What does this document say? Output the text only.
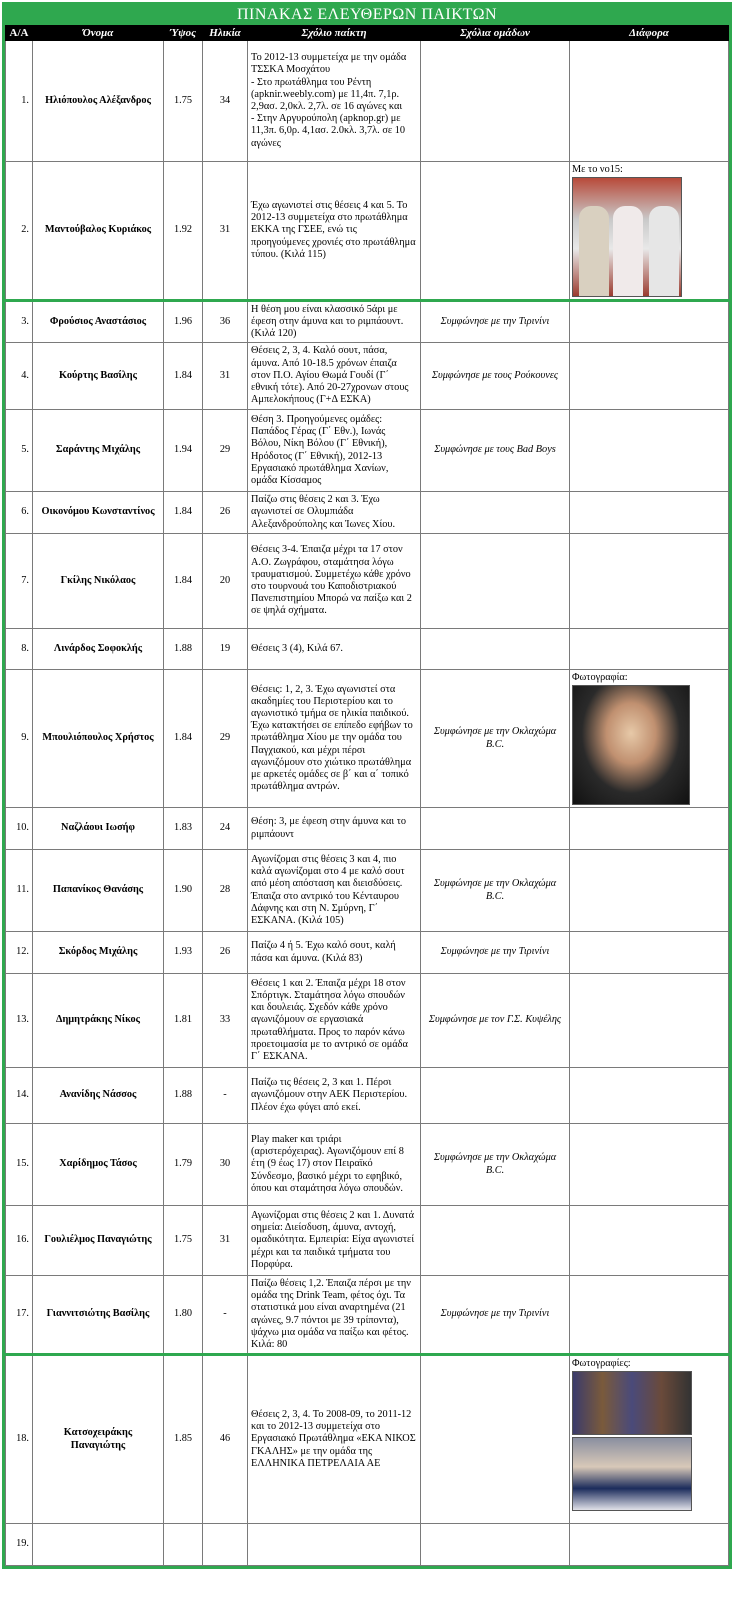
ΠΙΝΑΚΑΣ ΕΛΕΥΘΕΡΩΝ ΠΑΙΚΤΩΝ
Α/Α	Όνομα	Ύψος	Ηλικία	Σχόλιο παίκτη	Σχόλια ομάδων	Διάφορα
1.	Ηλιόπουλος Αλέξανδρος	1.75	34	Το 2012-13 συμμετείχα με την ομάδα ΤΣΣΚΑ Μοσχάτου
- Στο πρωτάθλημα του Ρέντη (apknir.weebly.com) με 11,4π. 7,1ρ. 2,9ασ. 2,0κλ. 2,7λ. σε 16 αγώνες και
- Στην Αργυρούπολη (apknop.gr) με 11,3π. 6,0ρ. 4,1ασ. 2.0κλ. 3,7λ. σε 10 αγώνες		
2.	Μαντούβαλος Κυριάκος	1.92	31	Έχω αγωνιστεί στις θέσεις 4 και 5. Το 2012-13 συμμετείχα στο πρωτάθλημα ΕΚΚΑ της ΓΣΕΕ, ενώ τις προηγούμενες χρονιές στο πρωτάθλημα τύπου. (Κιλά 115)		Με το νο15:

3.	Φρούσιος Αναστάσιος	1.96	36	Η θέση μου είναι κλασσικό 5άρι με έφεση στην άμυνα και το ριμπάουντ. (Κιλά 120)	Συμφώνησε με την Τιρινίνι	
4.	Κούρτης Βασίλης	1.84	31	Θέσεις 2, 3, 4. Καλό σουτ, πάσα, άμυνα. Από 10-18.5 χρόνων έπαιζα στον Π.Ο. Αγίου Θωμά Γουδί (Γ΄ εθνική τότε). Από 20-27χρονων στους Αμπελοκήπους (Γ+Δ ΕΣΚΑ)	Συμφώνησε με τους Ρούκουνες	
5.	Σαράντης Μιχάλης	1.94	29	Θέση 3. Προηγούμενες ομάδες: Παπάδος Γέρας (Γ΄ Εθν.), Ιωνάς Βόλου, Νίκη Βόλου (Γ΄ Εθνική), Ηρόδοτος (Γ΄ Εθνική), 2012-13 Εργασιακό πρωτάθλημα Χανίων, ομάδα Κίσσαμος	Συμφώνησε με τους Bad Boys	
6.	Οικονόμου Κωνσταντίνος	1.84	26	Παίζω στις θέσεις 2 και 3. Έχω αγωνιστεί σε Ολυμπιάδα Αλεξανδρούπολης και Ίωνες Χίου.		
7.	Γκίλης Νικόλαος	1.84	20	Θέσεις 3-4. Έπαιζα μέχρι τα 17 στον Α.Ο. Ζωγράφου, σταμάτησα λόγω τραυματισμού. Συμμετέχω κάθε χρόνο στο τουρνουά του Καποδιστριακού Πανεπιστημίου Μπορώ να παίξω και 2 σε ψηλά σχήματα.		
8.	Λινάρδος Σοφοκλής	1.88	19	Θέσεις 3 (4), Κιλά 67.		
9.	Μπουλιόπουλος Χρήστος	1.84	29	Θέσεις: 1, 2, 3. Έχω αγωνιστεί στα ακαδημίες του Περιστερίου και το αγωνιστικό τμήμα σε ηλικία παιδικού. Έχω κατακτήσει σε επίπεδο εφήβων το πρωτάθλημα Χίου με την ομάδα του Παγχιακού, και μέχρι πέρσι αγωνιζόμουν στο χιώτικο πρωτάθλημα με αρκετές ομάδες σε β΄ και α΄ τοπικό πρωτάθλημα αντρών.	Συμφώνησε με την Οκλαχώμα B.C.	Φωτογραφία:

10.	Ναζλάουι Ιωσήφ	1.83	24	Θέση: 3, με έφεση στην άμυνα και το ριμπάουντ		
11.	Παπανίκος Θανάσης	1.90	28	Αγωνίζομαι στις θέσεις 3 και 4, πιο καλά αγωνίζομαι στο 4 με καλό σουτ από μέση απόσταση και διεισδύσεις. Έπαιζα στο αντρικό του Κένταυρου Δάφνης και στη Ν. Σμύρνη, Γ΄ ΕΣΚΑΝΑ. (Κιλά 105)	Συμφώνησε με την Οκλαχώμα B.C.	
12.	Σκόρδος Μιχάλης	1.93	26	Παίζω 4 ή 5. Έχω καλό σουτ, καλή πάσα και άμυνα. (Κιλά 83)	Συμφώνησε με την Τιρινίνι	
13.	Δημητράκης Νίκος	1.81	33	Θέσεις 1 και 2. Έπαιζα μέχρι 18 στον Σπόρτιγκ. Σταμάτησα λόγω σπουδών και δουλειάς. Σχεδόν κάθε χρόνο αγωνιζόμουν σε εργασιακά πρωταθλήματα. Προς το παρόν κάνω προετοιμασία με το αντρικό σε ομάδα Γ΄ ΕΣΚΑΝΑ.	Συμφώνησε με τον Γ.Σ. Κυψέλης	
14.	Ανανίδης Νάσσος	1.88	-	Παίζω τις θέσεις 2, 3 και 1. Πέρσι αγωνιζόμουν στην ΑΕΚ Περιστερίου. Πλέον έχω φύγει από εκεί.		
15.	Χαρίδημος Τάσος	1.79	30	Play maker και τριάρι (αριστερόχειρας). Αγωνιζόμουν επί 8 έτη (9 έως 17) στον Πειραϊκό Σύνδεσμο, βασικό μέχρι το εφηβικό, όπου και σταμάτησα λόγω σπουδών.	Συμφώνησε με την Οκλαχώμα B.C.	
16.	Γουλιέλμος Παναγιώτης	1.75	31	Αγωνίζομαι στις θέσεις 2 και 1. Δυνατά σημεία: Διείσδυση, άμυνα, αντοχή, ομαδικότητα. Εμπειρία: Είχα αγωνιστεί μέχρι και τα παιδικά τμήματα του Πορφύρα.		
17.	Γιαννιτσιώτης Βασίλης	1.80	-	Παίζω θέσεις 1,2. Έπαιζα πέρσι με την ομάδα της Drink Team, φέτος όχι. Τα στατιστικά μου είναι αναρτημένα (21 αγώνες, 9.7 πόντοι με 39 τρίποντα), ψάχνω μια ομάδα να παίξω και φέτος. Κιλά: 80	Συμφώνησε με την Τιρινίνι	
18.	Κατσοχειράκης Παναγιώτης	1.85	46	Θέσεις 2, 3, 4. Το 2008-09, το 2011-12 και το 2012-13 συμμετείχα στο Εργασιακό Πρωτάθλημα «ΕΚΑ ΝΙΚΟΣ ΓΚΑΛΗΣ» με την ομάδα της ΕΛΛΗΝΙΚΑ ΠΕΤΡΕΛΑΙΑ ΑΕ		Φωτογραφίες:

19.						
